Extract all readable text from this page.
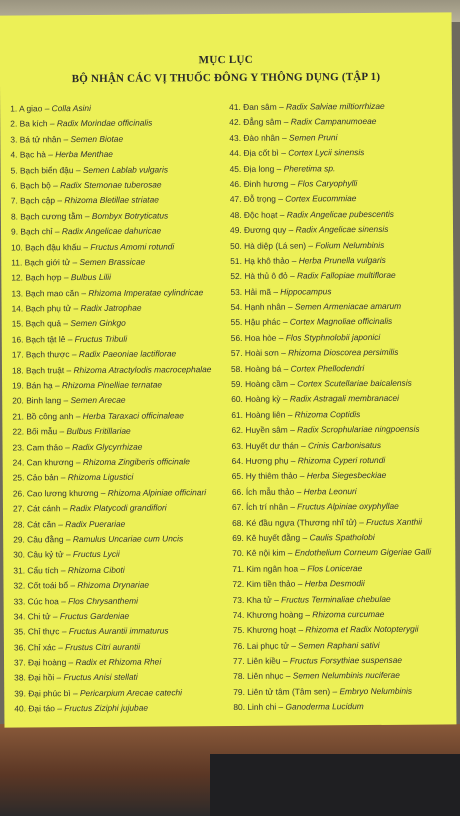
MỤC LỤC
BỘ NHẬN CÁC VỊ THUỐC ĐÔNG Y THÔNG DỤNG (TẬP 1)
1. A giao – Colla Asini
2. Ba kích – Radix Morindae officinalis
3. Bá tử nhân – Semen Biotae
4. Bạc hà – Herba Menthae
5. Bạch biển đậu – Semen Lablab vulgaris
6. Bạch bộ – Radix Stemonae tuberosae
7. Bạch cập – Rhizoma Bletillae striatae
8. Bạch cương tằm – Bombyx Botryticatus
9. Bạch chỉ – Radix Angelicae dahuricae
10. Bạch đậu khấu – Fructus Amomi rotundi
11. Bạch giới tử – Semen Brassicae
12. Bạch hợp – Bulbus Lilii
13. Bạch mao căn – Rhizoma Imperatae cylindricae
14. Bạch phụ tử – Radix Jatrophae
15. Bạch quả – Semen Ginkgo
16. Bạch tật lê – Fructus Tribuli
17. Bạch thược – Radix Paeoniae lactiflorae
18. Bạch truật – Rhizoma Atractylodis macrocephalae
19. Bán hạ – Rhizoma Pinelliae ternatae
20. Binh lang – Semen Arecae
21. Bồ công anh – Herba Taraxaci officinaleae
22. Bối mẫu – Bulbus Fritillariae
23. Cam thảo – Radix Glycyrrhizae
24. Can khương – Rhizoma Zingiberis officinale
25. Cảo bản – Rhizoma Ligustici
26. Cao lương khương – Rhizoma Alpiniae officinari
27. Cát cánh – Radix Platycodi grandiflori
28. Cát căn – Radix Puerariae
29. Câu đằng – Ramulus Uncariae cum Uncis
30. Câu kỷ tử – Fructus Lycii
31. Cẩu tích – Rhizoma Ciboti
32. Cốt toái bổ – Rhizoma Drynariae
33. Cúc hoa – Flos Chrysanthemi
34. Chi tử – Fructus Gardeniae
35. Chỉ thực – Fructus Aurantii immaturus
36. Chỉ xác – Frustus Citri aurantii
37. Đại hoàng – Radix et Rhizoma Rhei
38. Đại hồi – Fructus Anisi stellati
39. Đại phúc bì – Pericarpium Arecae catechi
40. Đại táo – Fructus Ziziphi jujubae
41. Đan sâm – Radix Salviae miltiorrhizae
42. Đẳng sâm – Radix Campanumoeae
43. Đào nhân – Semen Pruni
44. Địa cốt bì – Cortex Lycii sinensis
45. Địa long – Pheretima sp.
46. Đinh hương – Flos Caryophylli
47. Đỗ trọng – Cortex Eucommiae
48. Độc hoạt – Radix Angelicae pubescentis
49. Đương quy – Radix Angelicae sinensis
50. Hà diệp (Lá sen) – Folium Nelumbinis
51. Hạ khô thảo – Herba Prunella vulgaris
52. Hà thủ ô đỏ – Radix Fallopiae multiflorae
53. Hải mã – Hippocampus
54. Hạnh nhân – Semen Armeniacae amarum
55. Hậu phác – Cortex Magnoliae officinalis
56. Hoa hòe – Flos Styphnolobii japonici
57. Hoài sơn – Rhizoma Dioscorea persimilis
58. Hoàng bá – Cortex Phellodendri
59. Hoàng cầm – Cortex Scutellariae baicalensis
60. Hoàng kỳ – Radix Astragali membranacei
61. Hoàng liên – Rhizoma Coptidis
62. Huyền sâm – Radix Scrophulariae ningpoensis
63. Huyết dư thán – Crinis Carbonisatus
64. Hương phụ – Rhizoma Cyperi rotundi
65. Hy thiêm thảo – Herba Siegesbeckiae
66. Ích mẫu thảo – Herba Leonuri
67. Ích trí nhân – Fructus Alpiniae oxyphyllae
68. Ké đầu ngựa (Thương nhĩ tử) – Fructus Xanthii
69. Kê huyết đằng – Caulis Spatholobi
70. Kê nội kim – Endothelium Corneum Gigeriae Galli
71. Kim ngân hoa – Flos Lonicerae
72. Kim tiền thảo – Herba Desmodii
73. Kha tử – Fructus Terminaliae chebulae
74. Khương hoàng – Rhizoma curcumae
75. Khương hoạt – Rhizoma et Radix Notopterygii
76. Lai phục tử – Semen Raphani sativi
77. Liên kiều – Fructus Forsythiae suspensae
78. Liên nhục – Semen Nelumbinis nuciferae
79. Liên tử tâm (Tâm sen) – Embryo Nelumbinis
80. Linh chi – Ganoderma Lucidum
